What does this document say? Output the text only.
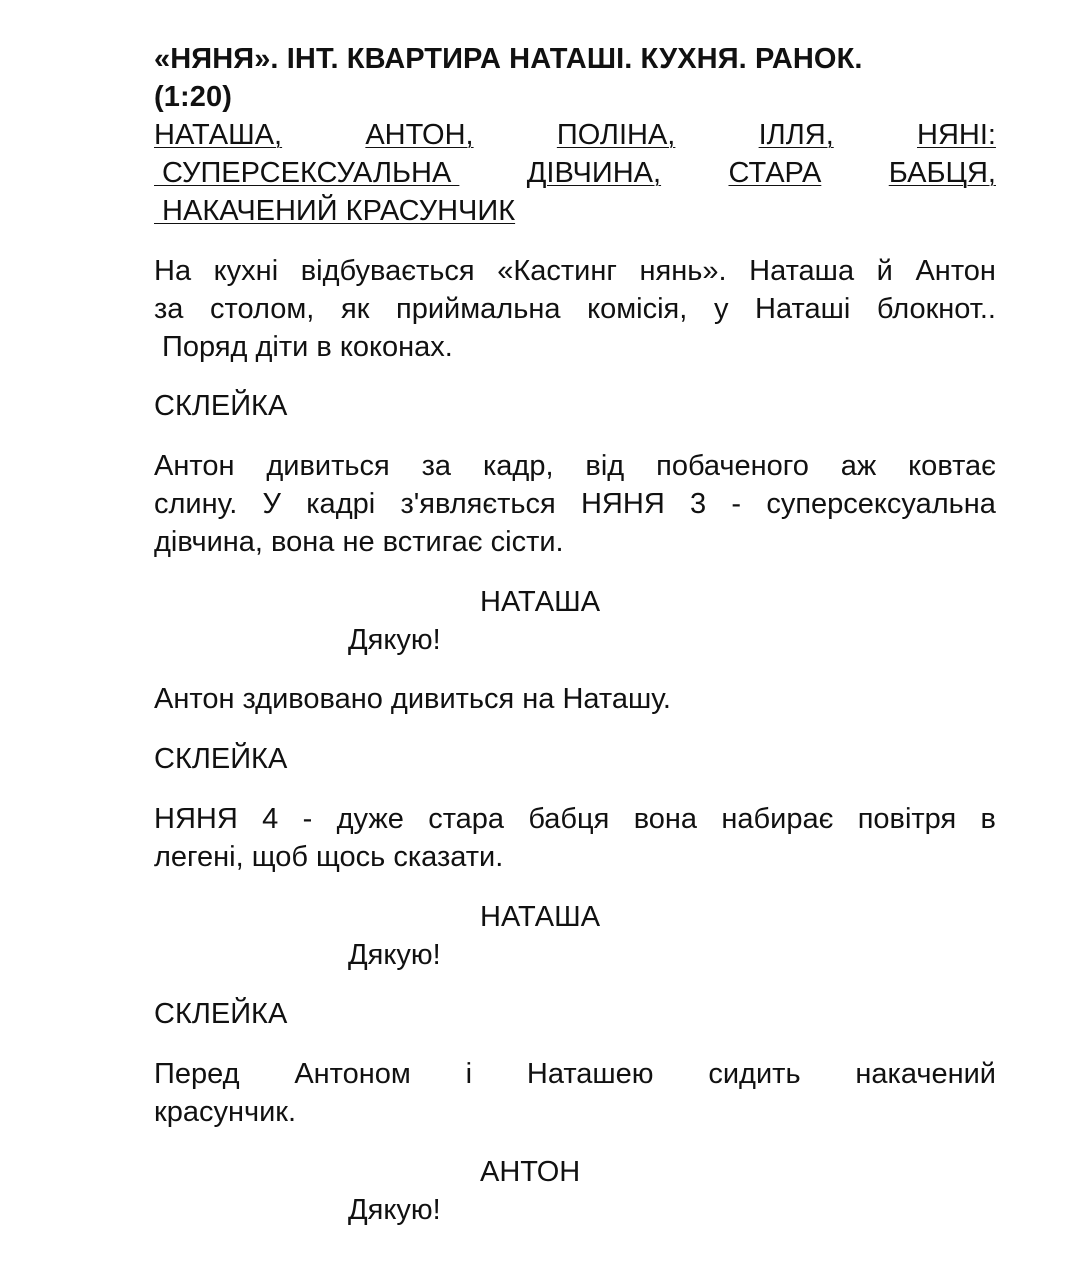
«НЯНЯ». ІНТ. КВАРТИРА НАТАШІ. КУХНЯ. РАНОК.
(1:20)

НАТАША,	АНТОН,	ПОЛІНА,	ІЛЛЯ,	НЯНІ:
СУПЕРСЕКСУАЛЬНА ДІВЧИНА, СТАРА БАБЦЯ,
НАКАЧЕНИЙ КРАСУНЧИК
На кухні відбувається «Кастинг нянь». Наташа й Антон
за столом, як приймальна комісія, у Наташі блокнот..
Поряд діти в коконах.

СКЛЕЙКА

Антон дивиться за кадр, від побаченого аж ковтає
слину. У кадрі з'являється НЯНЯ 3 - суперсексуальна
дівчина, вона не встигає сісти.

НАТАША

Дякую!

Антон здивовано дивиться на Наташу.

СКЛЕЙКА

НЯНЯ 4 - дуже стара бабця вона набирає повітря в
легені, щоб щось сказати.

НАТАША

Дякую!

СКЛЕЙКА

Перед Антоном і Наташею сидить накачений
красунчик.

АНТОН

Дякую!
